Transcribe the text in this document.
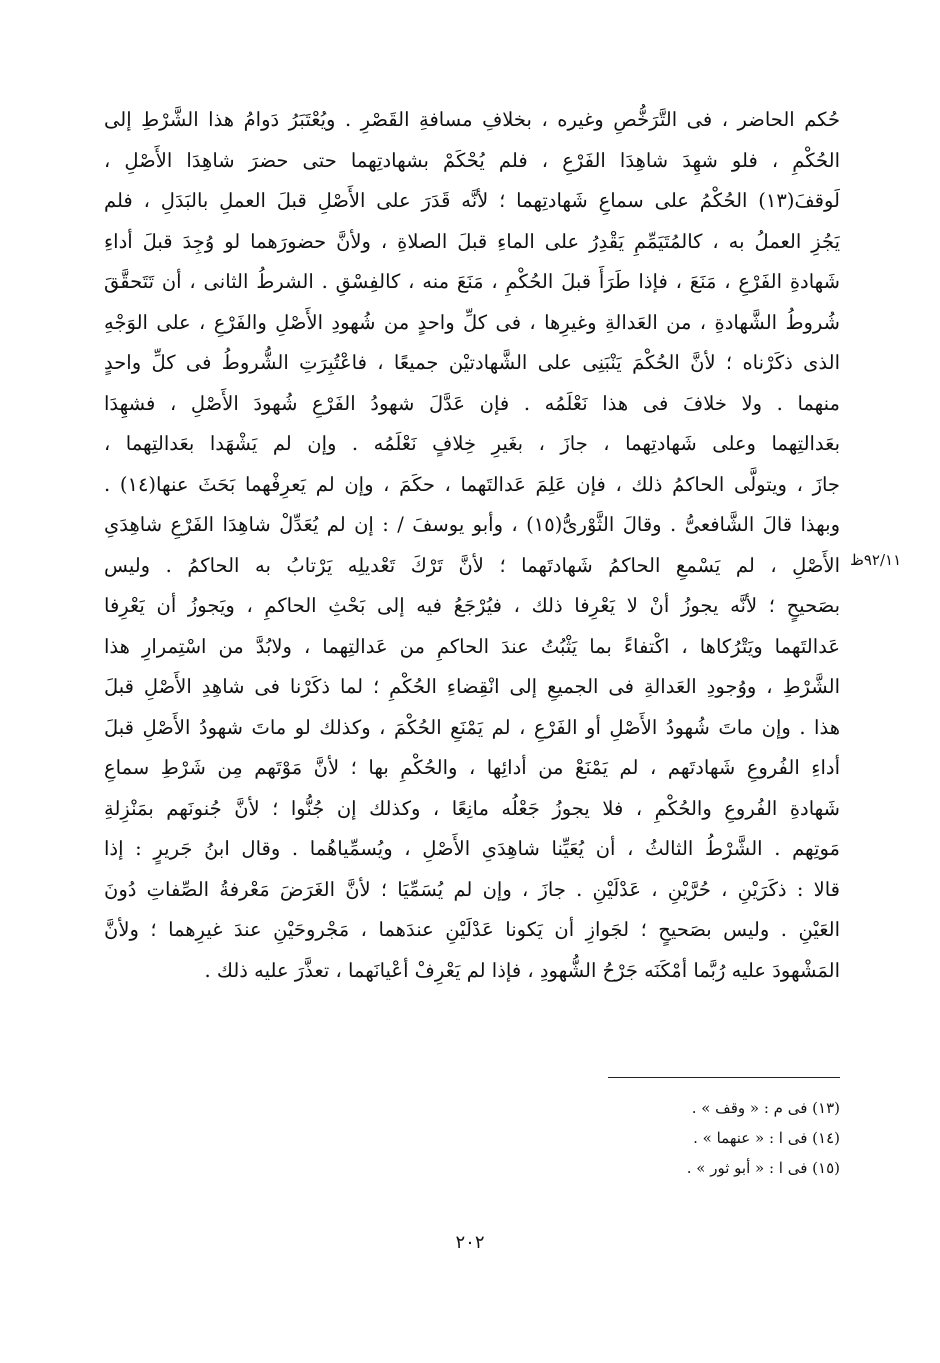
حُكم الحاضر ، فى التَّرَخُّصِ وغيره ، بخلافِ مسافةِ القَصْرِ . ويُعْتَبَرُ دَوامُ هذا الشَّرْطِ إلى
الحُكْمِ ، فلو شهِدَ شاهِدَا الفَرْعِ ، فلم يُحْكَمْ بشهادتِهما حتى حضرَ شاهِدَا الأَصْلِ ،
لَوقفَ(١٣) الحُكْمُ على سماعِ شَهادتِهما ؛ لأنَّه قَدَرَ على الأَصْلِ قبلَ العملِ بالبَدَلِ ، فلم
يَجُزِ العملُ به ، كالمُتَيَمِّمِ يَقْدِرُ على الماءِ قبلَ الصلاةِ ، ولأنَّ حضورَهما لو وُجِدَ قبلَ أداءِ
شَهادةِ الفَرْعِ ، مَنَعَ ، فإذا طَرَأَ قبلَ الحُكْمِ ، مَنَعَ منه ، كالفِسْقِ . الشرطُ الثانى ، أن تَتَحقَّقَ
شُروطُ الشَّهادةِ ، من العَدالةِ وغيرِها ، فى كلِّ واحدٍ من شُهودِ الأَصْلِ والفَرْعِ ، على الوَجْهِ
الذى ذكَرْناه ؛ لأنَّ الحُكْمَ يَنْبَنِى على الشَّهادتيْن جميعًا ، فاعْتُبِرَتِ الشُّروطُ فى كلِّ واحدٍ
منهما . ولا خلافَ فى هذا نَعْلَمُه . فإن عَدَّلَ شهودُ الفَرْعِ شُهودَ الأَصْلِ ، فشهِدَا
بعَدالتِهما وعلى شَهادتِهما ، جازَ ، بغَيرِ خِلافٍ نَعْلَمُه . وإن لم يَشْهَدا بعَدالتِهما ،
جازَ ، ويتولَّى الحاكمُ ذلك ، فإن عَلِمَ عَدالتَهما ، حكَمَ ، وإن لم يَعرِفْهما بَحَثَ عنها(١٤) .
وبهذا قالَ الشَّافعىُّ . وقالَ الثَّوْرىُّ(١٥) ، وأبو يوسفَ / : إن لم يُعَدِّلْ شاهِدَا الفَرْعِ شاهِدَىِ
الأَصْلِ ، لم يَسْمعِ الحاكمُ شَهادتَهما ؛ لأنَّ تَرْكَ تَعْديلِه يَرْتابُ به الحاكمُ . وليس
بصَحيحٍ ؛ لأنَّه يجوزُ أنْ لا يَعْرِفا ذلك ، فيُرْجَعُ فيه إلى بَحْثِ الحاكمِ ، ويَجوزُ أن يَعْرِفا
عَدالتَهما ويَتْرُكاها ، اكْتفاءً بما يَثْبُتُ عندَ الحاكمِ من عَدالتِهما ، ولابُدَّ من اسْتِمرارِ هذا
الشَّرْطِ ، ووُجودِ العَدالةِ فى الجميعِ إلى انْقِضاءِ الحُكْمِ ؛ لما ذكَرْنا فى شاهِدِ الأَصْلِ قبلَ
هذا . وإن ماتَ شُهودُ الأَصْلِ أو الفَرْعِ ، لم يَمْنَعِ الحُكْمَ ، وكذلك لو ماتَ شهودُ الأَصْلِ قبلَ
أداءِ الفُروعِ شَهادتَهم ، لم يَمْنَعْ من أدائِها ، والحُكْمِ بها ؛ لأنَّ مَوْتَهم مِن شَرْطِ سماعِ
شَهادةِ الفُروعِ والحُكْمِ ، فلا يجوزُ جَعْلُه مانِعًا ، وكذلك إن جُنُّوا ؛ لأنَّ جُنونَهم بمَنْزِلةِ
مَوتِهم . الشَّرْطُ الثالثُ ، أن يُعَيِّنا شاهِدَىِ الأَصْلِ ، ويُسمِّياهُما . وقال ابنُ جَريرٍ : إذا
قالا : ذكَرَيْنِ ، حُرَّيْنِ ، عَدْلَيْنِ . جازَ ، وإن لم يُسَمِّيَا ؛ لأنَّ الغَرَضَ مَعْرفةُ الصِّفاتِ دُونَ
العَيْنِ . وليس بصَحيحٍ ؛ لجَوازِ أن يَكونا عَدْلَيْنِ عندَهما ، مَجْروحَيْنِ عندَ غيرِهما ؛ ولأنَّ
المَشْهودَ عليه رُبَّما أمْكَنَه جَرْحُ الشُّهودِ ، فإذا لم يَعْرِفْ أعْيانَهما ، تعذَّرَ عليه ذلك .
٩٢/١١ظ
(١٣) فى م : « وقف » .
(١٤) فى ا : « عنهما » .
(١٥) فى ا : « أبو ثور » .
٢٠٢
